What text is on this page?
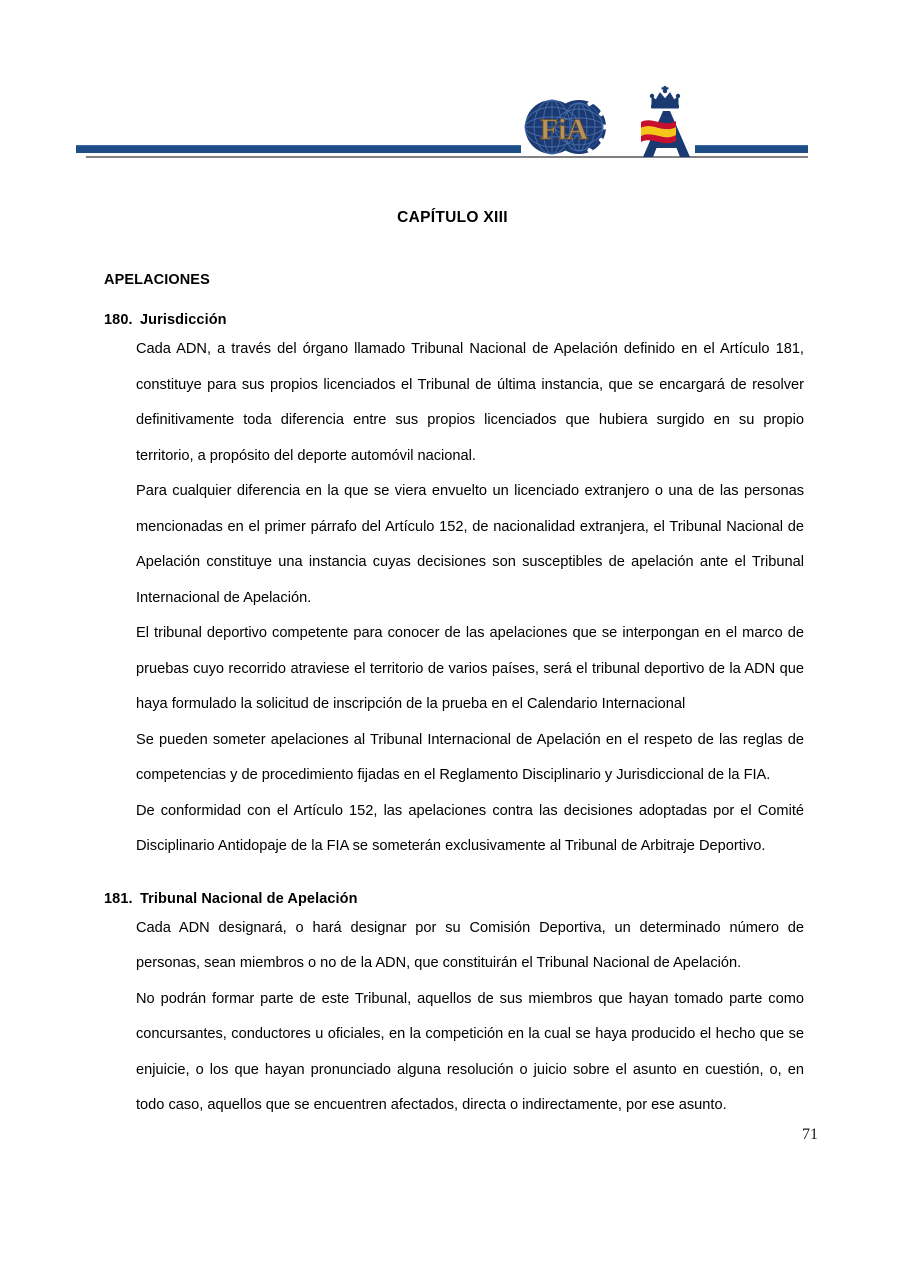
FiA
CAPÍTULO XIII
APELACIONES
180. Jurisdicción

Cada ADN, a través del órgano llamado Tribunal Nacional de Apelación definido en el Artículo 181, constituye para sus propios licenciados el Tribunal de última instancia, que se encargará de resolver definitivamente toda diferencia entre sus propios licenciados que hubiera surgido en su propio territorio, a propósito del deporte automóvil nacional.

Para cualquier diferencia en la que se viera envuelto un licenciado extranjero o una de las personas mencionadas en el primer párrafo del Artículo 152, de nacionalidad extranjera, el Tribunal Nacional de Apelación constituye una instancia cuyas decisiones son susceptibles de apelación ante el Tribunal Internacional de Apelación.

El tribunal deportivo competente para conocer de las apelaciones que se interpongan en el marco de pruebas cuyo recorrido atraviese el territorio de varios países, será el tribunal deportivo de la ADN que haya formulado la solicitud de inscripción de la prueba en el Calendario Internacional

Se pueden someter apelaciones al Tribunal Internacional de Apelación en el respeto de las reglas de competencias y de procedimiento fijadas en el Reglamento Disciplinario y Jurisdiccional de la FIA.

De conformidad con el Artículo 152, las apelaciones contra las decisiones adoptadas por el Comité Disciplinario Antidopaje de la FIA se someterán exclusivamente al Tribunal de Arbitraje Deportivo.

181. Tribunal Nacional de Apelación

Cada ADN designará, o hará designar por su Comisión Deportiva, un determinado número de personas, sean miembros o no de la ADN, que constituirán el Tribunal Nacional de Apelación.

No podrán formar parte de este Tribunal, aquellos de sus miembros que hayan tomado parte como concursantes, conductores u oficiales, en la competición en la cual se haya producido el hecho que se enjuicie, o los que hayan pronunciado alguna resolución o juicio sobre el asunto en cuestión, o, en todo caso, aquellos que se encuentren afectados, directa o indirectamente, por ese asunto.

71
